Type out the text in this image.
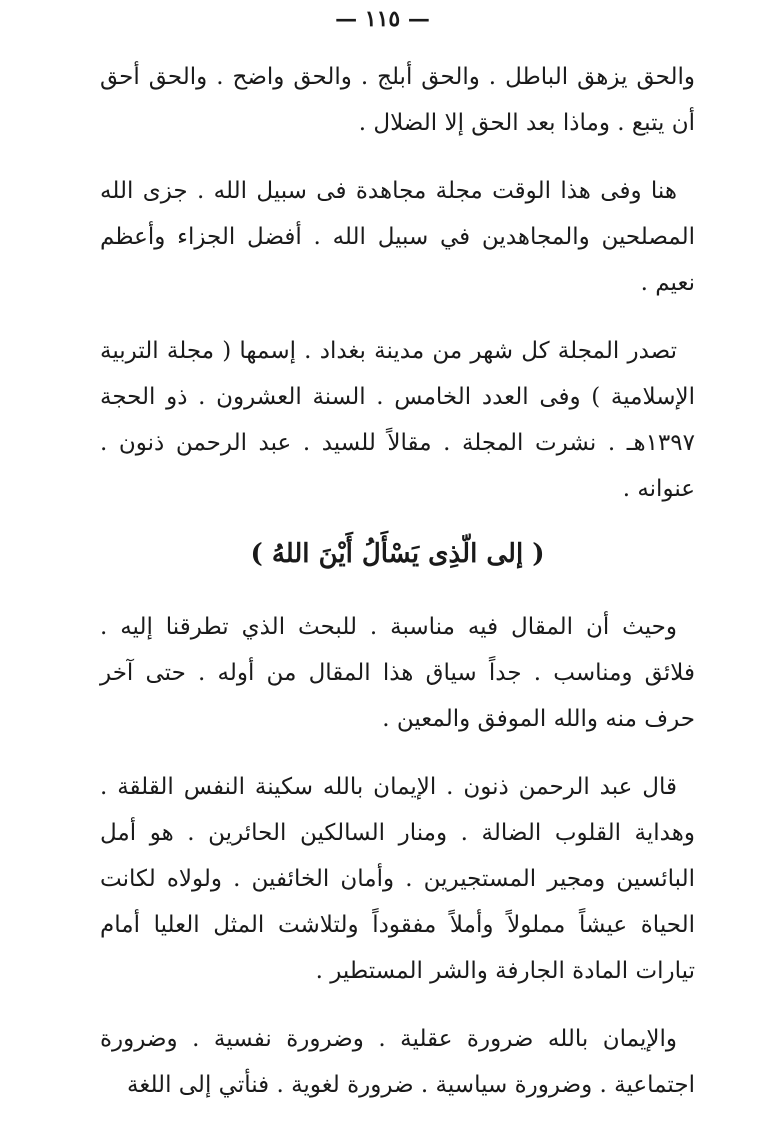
— ١١٥ —

والحق يزهق الباطل . والحق أبلج . والحق واضح . والحق أحق أن يتبع . وماذا بعد الحق إلا الضلال .

هنا وفى هذا الوقت مجلة مجاهدة فى سبيل الله . جزى الله المصلحين والمجاهدين في سبيل الله . أفضل الجزاء وأعظم نعيم .

تصدر المجلة كل شهر من مدينة بغداد . إسمها ( مجلة التربية الإسلامية ) وفى العدد الخامس . السنة العشرون . ذو الحجة ١٣٩٧هـ . نشرت المجلة . مقالاً للسيد . عبد الرحمن ذنون . عنوانه .

( إلى الّذِى يَسْأَلُ أَيْنَ اللهُ )

وحيث أن المقال فيه مناسبة . للبحث الذي تطرقنا إليه . فلائق ومناسب . جداً سياق هذا المقال من أوله . حتى آخر حرف منه والله الموفق والمعين .

قال عبد الرحمن ذنون . الإيمان بالله سكينة النفس القلقة . وهداية القلوب الضالة . ومنار السالكين الحائرين . هو أمل البائسين ومجير المستجيرين . وأمان الخائفين . ولولاه لكانت الحياة عيشاً مملولاً وأملاً مفقوداً ولتلاشت المثل العليا أمام تيارات المادة الجارفة والشر المستطير .

والإيمان بالله ضرورة عقلية . وضرورة نفسية . وضرورة اجتماعية . وضرورة سياسية . ضرورة لغوية . فنأتي إلى اللغة
